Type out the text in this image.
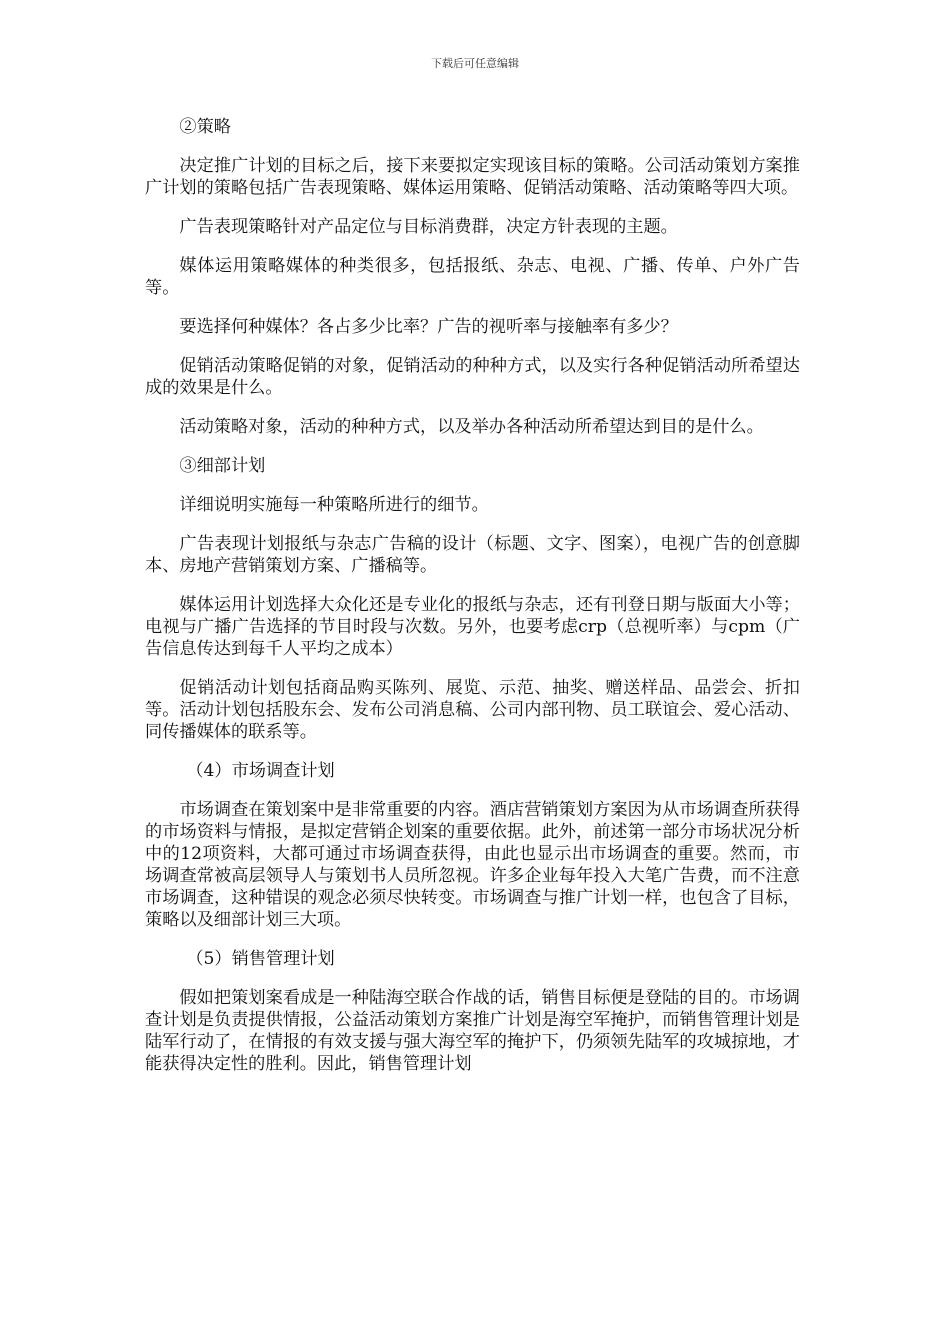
下载后可任意编辑

②策略

决定推广计划的目标之后，接下来要拟定实现该目标的策略。公司活动策划方案推广计划的策略包括广告表现策略、媒体运用策略、促销活动策略、活动策略等四大项。

广告表现策略针对产品定位与目标消费群，决定方针表现的主题。

媒体运用策略媒体的种类很多，包括报纸、杂志、电视、广播、传单、户外广告等。

要选择何种媒体？各占多少比率？广告的视听率与接触率有多少？

促销活动策略促销的对象，促销活动的种种方式，以及实行各种促销活动所希望达成的效果是什么。

活动策略对象，活动的种种方式，以及举办各种活动所希望达到目的是什么。

③细部计划

详细说明实施每一种策略所进行的细节。

广告表现计划报纸与杂志广告稿的设计（标题、文字、图案），电视广告的创意脚本、房地产营销策划方案、广播稿等。

媒体运用计划选择大众化还是专业化的报纸与杂志，还有刊登日期与版面大小等；电视与广播广告选择的节目时段与次数。另外，也要考虑crp（总视听率）与cpm（广告信息传达到每千人平均之成本）

促销活动计划包括商品购买陈列、展览、示范、抽奖、赠送样品、品尝会、折扣等。活动计划包括股东会、发布公司消息稿、公司内部刊物、员工联谊会、爱心活动、同传播媒体的联系等。

（4）市场调查计划

市场调查在策划案中是非常重要的内容。酒店营销策划方案因为从市场调查所获得的市场资料与情报，是拟定营销企划案的重要依据。此外，前述第一部分市场状况分析中的12项资料，大都可通过市场调查获得，由此也显示出市场调查的重要。然而，市场调查常被高层领导人与策划书人员所忽视。许多企业每年投入大笔广告费，而不注意市场调查，这种错误的观念必须尽快转变。市场调查与推广计划一样，也包含了目标，策略以及细部计划三大项。

（5）销售管理计划

假如把策划案看成是一种陆海空联合作战的话，销售目标便是登陆的目的。市场调查计划是负责提供情报，公益活动策划方案推广计划是海空军掩护，而销售管理计划是陆军行动了，在情报的有效支援与强大海空军的掩护下，仍须领先陆军的攻城掠地，才能获得决定性的胜利。因此，销售管理计划
